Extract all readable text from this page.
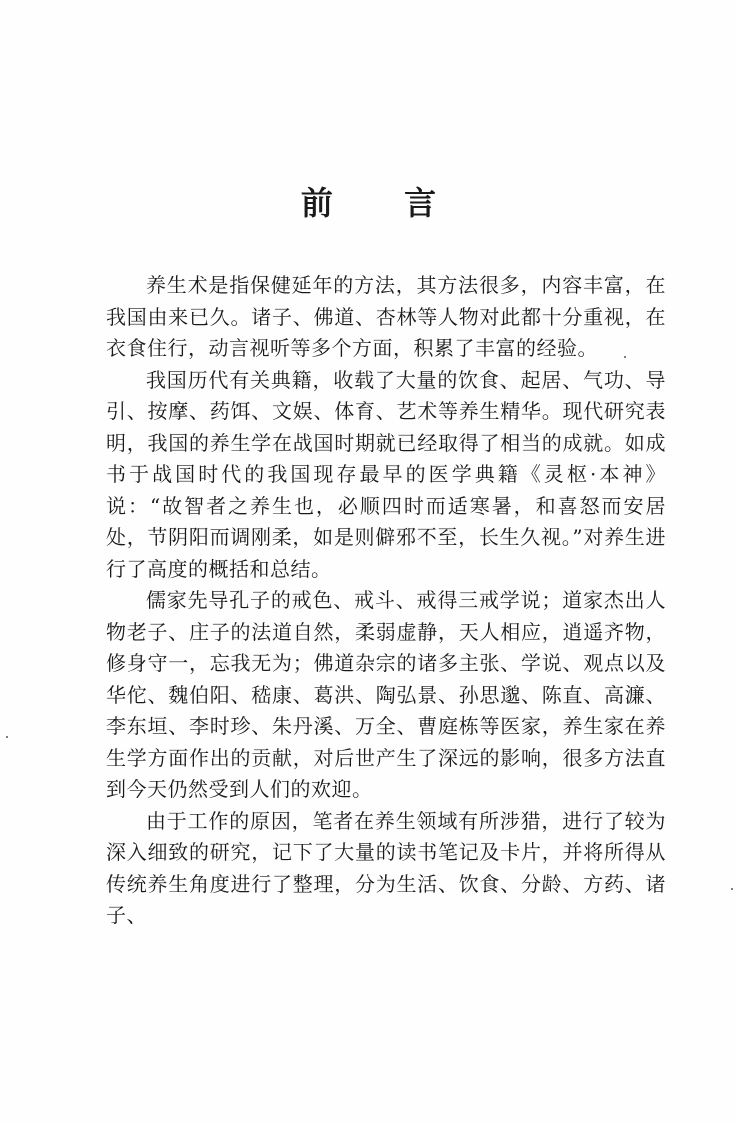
前 言

养生术是指保健延年的方法，其方法很多，内容丰富，在我国由来已久。诸子、佛道、杏林等人物对此都十分重视，在衣食住行，动言视听等多个方面，积累了丰富的经验。

我国历代有关典籍，收载了大量的饮食、起居、气功、导引、按摩、药饵、文娱、体育、艺术等养生精华。现代研究表明，我国的养生学在战国时期就已经取得了相当的成就。如成书于战国时代的我国现存最早的医学典籍《灵枢·本神》说：“故智者之养生也，必顺四时而适寒暑，和喜怒而安居处，节阴阳而调刚柔，如是则僻邪不至，长生久视。”对养生进行了高度的概括和总结。

儒家先导孔子的戒色、戒斗、戒得三戒学说；道家杰出人物老子、庄子的法道自然，柔弱虚静，天人相应，逍遥齐物，修身守一，忘我无为；佛道杂宗的诸多主张、学说、观点以及华佗、魏伯阳、嵇康、葛洪、陶弘景、孙思邈、陈直、高濂、李东垣、李时珍、朱丹溪、万全、曹庭栋等医家，养生家在养生学方面作出的贡献，对后世产生了深远的影响，很多方法直到今天仍然受到人们的欢迎。

由于工作的原因，笔者在养生领域有所涉猎，进行了较为深入细致的研究，记下了大量的读书笔记及卡片，并将所得从传统养生角度进行了整理，分为生活、饮食、分龄、方药、诸子、
